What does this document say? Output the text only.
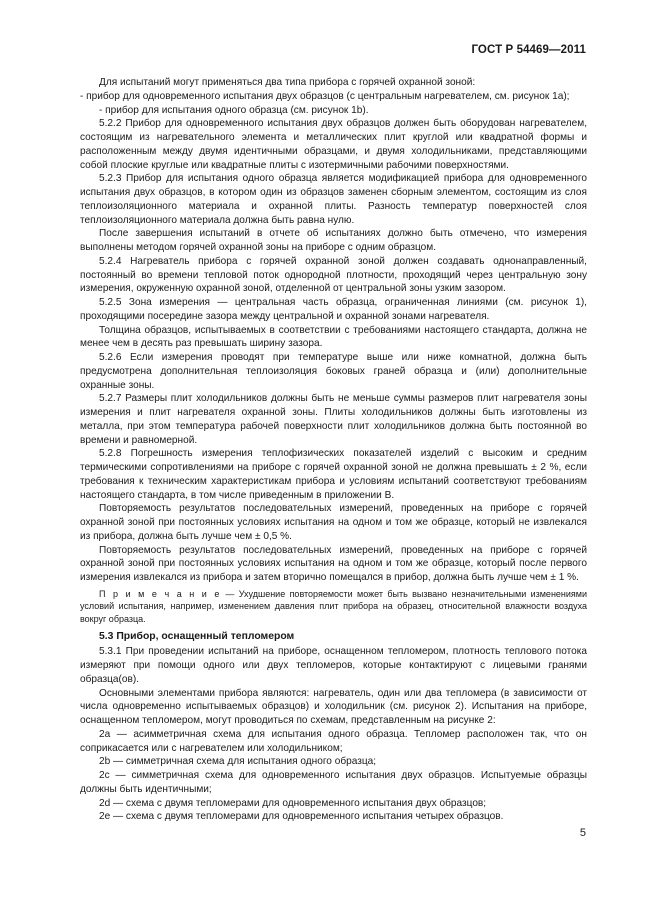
ГОСТ Р 54469—2011

Для испытаний могут применяться два типа прибора с горячей охранной зоной:

- прибор для одновременного испытания двух образцов (с центральным нагревателем, см. рисунок 1а);

- прибор для испытания одного образца (см. рисунок 1b).

5.2.2 Прибор для одновременного испытания двух образцов должен быть оборудован нагревателем, состоящим из нагревательного элемента и металлических плит круглой или квадратной формы и расположенным между двумя идентичными образцами, и двумя холодильниками, представляющими собой плоские круглые или квадратные плиты с изотермичными рабочими поверхностями.

5.2.3 Прибор для испытания одного образца является модификацией прибора для одновременного испытания двух образцов, в котором один из образцов заменен сборным элементом, состоящим из слоя теплоизоляционного материала и охранной плиты. Разность температур поверхностей слоя теплоизоляционного материала должна быть равна нулю.

После завершения испытаний в отчете об испытаниях должно быть отмечено, что измерения выполнены методом горячей охранной зоны на приборе с одним образцом.

5.2.4 Нагреватель прибора с горячей охранной зоной должен создавать однонаправленный, постоянный во времени тепловой поток однородной плотности, проходящий через центральную зону измерения, окруженную охранной зоной, отделенной от центральной зоны узким зазором.

5.2.5 Зона измерения — центральная часть образца, ограниченная линиями (см. рисунок 1), проходящими посередине зазора между центральной и охранной зонами нагревателя.

Толщина образцов, испытываемых в соответствии с требованиями настоящего стандарта, должна не менее чем в десять раз превышать ширину зазора.

5.2.6 Если измерения проводят при температуре выше или ниже комнатной, должна быть предусмотрена дополнительная теплоизоляция боковых граней образца и (или) дополнительные охранные зоны.

5.2.7 Размеры плит холодильников должны быть не меньше суммы размеров плит нагревателя зоны измерения и плит нагревателя охранной зоны. Плиты холодильников должны быть изготовлены из металла, при этом температура рабочей поверхности плит холодильников должна быть постоянной во времени и равномерной.

5.2.8 Погрешность измерения теплофизических показателей изделий с высоким и средним термическими сопротивлениями на приборе с горячей охранной зоной не должна превышать ± 2 %, если требования к техническим характеристикам прибора и условиям испытаний соответствуют требованиям настоящего стандарта, в том числе приведенным в приложении В.

Повторяемость результатов последовательных измерений, проведенных на приборе с горячей охранной зоной при постоянных условиях испытания на одном и том же образце, который не извлекался из прибора, должна быть лучше чем ± 0,5 %.

Повторяемость результатов последовательных измерений, проведенных на приборе с горячей охранной зоной при постоянных условиях испытания на одном и том же образце, который после первого измерения извлекался из прибора и затем вторично помещался в прибор, должна быть лучше чем ± 1 %.

П р и м е ч а н и е — Ухудшение повторяемости может быть вызвано незначительными изменениями условий испытания, например, изменением давления плит прибора на образец, относительной влажности воздуха вокруг образца.

5.3 Прибор, оснащенный тепломером

5.3.1 При проведении испытаний на приборе, оснащенном тепломером, плотность теплового потока измеряют при помощи одного или двух тепломеров, которые контактируют с лицевыми гранями образца(ов).

Основными элементами прибора являются: нагреватель, один или два тепломера (в зависимости от числа одновременно испытываемых образцов) и холодильник (см. рисунок 2). Испытания на приборе, оснащенном тепломером, могут проводиться по схемам, представленным на рисунке 2:

2а — асимметричная схема для испытания одного образца. Тепломер расположен так, что он соприкасается или с нагревателем или холодильником;

2b — симметричная схема для испытания одного образца;

2c — симметричная схема для одновременного испытания двух образцов. Испытуемые образцы должны быть идентичными;

2d — схема с двумя тепломерами для одновременного испытания двух образцов;

2e — схема с двумя тепломерами для одновременного испытания четырех образцов.

5
